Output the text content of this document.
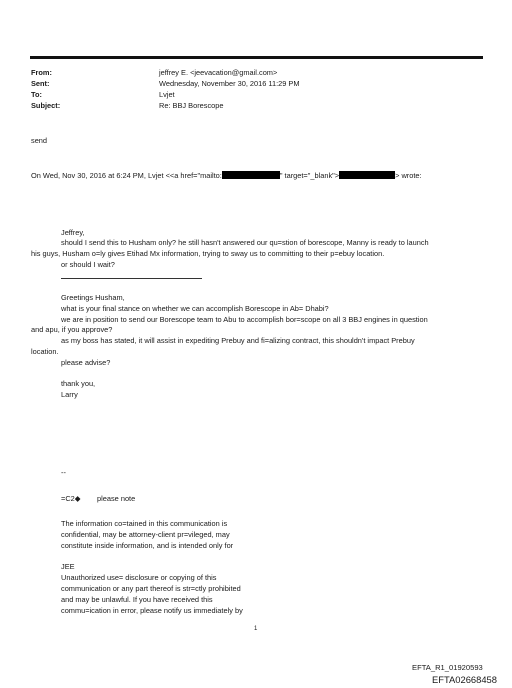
From:	jeffrey E. <jeevacation@gmail.com>
Sent:	Wednesday, November 30, 2016 11:29 PM
To:	Lvjet
Subject:	Re: BBJ Borescope
send
On Wed, Nov 30, 2016 at 6:24 PM, Lvjet <<a href="mailto:	" target="_blank">	> wrote:
Jeffrey,
should I send this to Husham only? he still hasn't answered our qu=stion of borescope, Manny is ready to launch
his guys, Husham o=ly gives Etihad Mx information, trying to sway us to committing to their p=ebuy location.
or should I wait?
Greetings Husham,
what is your final stance on whether we can accomplish Borescope in Ab= Dhabi?
we are in position to send our Borescope team to Abu to accomplish bor=scope on all 3 BBJ engines in question
and apu, if you approve?
as my boss has stated, it will assist in expediting Prebuy and fi=alizing contract, this shouldn't impact Prebuy
location.
please advise?
thank you,
Larry
--
=C2◆ please note
The information co=tained in this communication is
confidential, may be attorney-client pr=vileged, may
constitute inside information, and is intended only for
JEE
Unauthorized use= disclosure or copying of this
communication or any part thereof is str=ctly prohibited
and may be unlawful. If you have received this
commu=ication in error, please notify us immediately by
1
EFTA_R1_01920593
EFTA02668458
